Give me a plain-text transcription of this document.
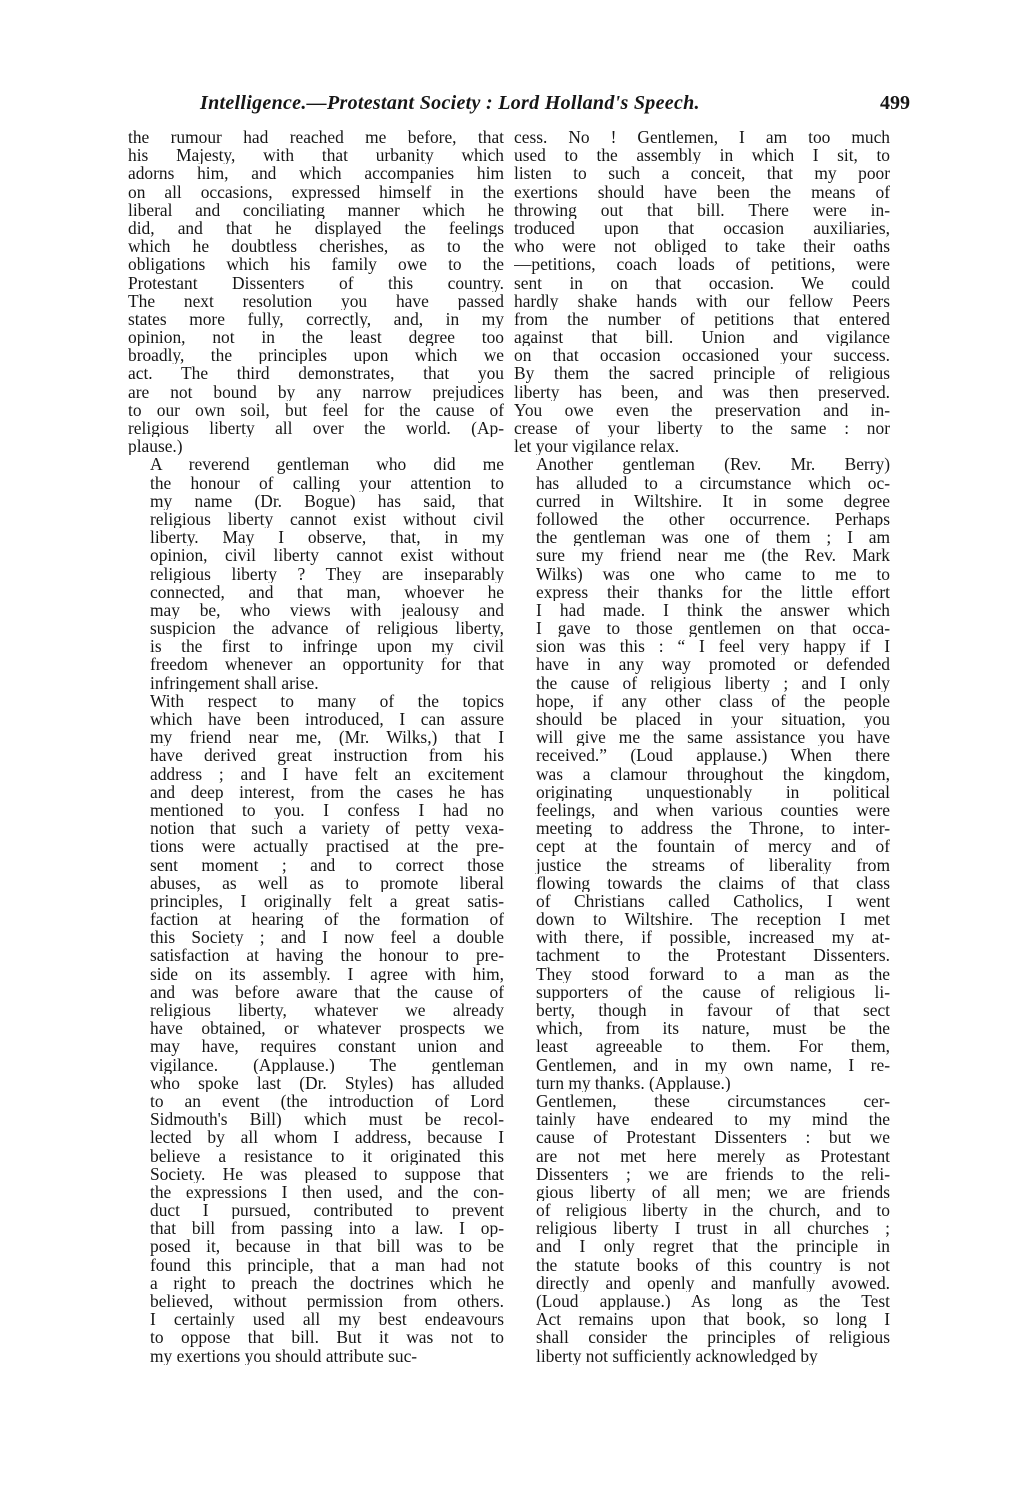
Intelligence.—Protestant Society : Lord Holland's Speech.	499
the rumour had reached me before, that
his Majesty, with that urbanity which
adorns him, and which accompanies him
on all occasions, expressed himself in the
liberal and conciliating manner which he
did, and that he displayed the feelings
which he doubtless cherishes, as to the
obligations which his family owe to the
Protestant Dissenters of this country.
The next resolution you have passed
states more fully, correctly, and, in my
opinion, not in the least degree too
broadly, the principles upon which we
act. The third demonstrates, that you
are not bound by any narrow prejudices
to our own soil, but feel for the cause of
religious liberty all over the world. (Ap-
plause.)
A reverend gentleman who did me
the honour of calling your attention to
my name (Dr. Bogue) has said, that
religious liberty cannot exist without civil
liberty. May I observe, that, in my
opinion, civil liberty cannot exist without
religious liberty ? They are inseparably
connected, and that man, whoever he
may be, who views with jealousy and
suspicion the advance of religious liberty,
is the first to infringe upon my civil
freedom whenever an opportunity for that
infringement shall arise.
With respect to many of the topics
which have been introduced, I can assure
my friend near me, (Mr. Wilks,) that I
have derived great instruction from his
address ; and I have felt an excitement
and deep interest, from the cases he has
mentioned to you. I confess I had no
notion that such a variety of petty vexa-
tions were actually practised at the pre-
sent moment ; and to correct those
abuses, as well as to promote liberal
principles, I originally felt a great satis-
faction at hearing of the formation of
this Society ; and I now feel a double
satisfaction at having the honour to pre-
side on its assembly. I agree with him,
and was before aware that the cause of
religious liberty, whatever we already
have obtained, or whatever prospects we
may have, requires constant union and
vigilance. (Applause.) The gentleman
who spoke last (Dr. Styles) has alluded
to an event (the introduction of Lord
Sidmouth's Bill) which must be recol-
lected by all whom I address, because I
believe a resistance to it originated this
Society. He was pleased to suppose that
the expressions I then used, and the con-
duct I pursued, contributed to prevent
that bill from passing into a law. I op-
posed it, because in that bill was to be
found this principle, that a man had not
a right to preach the doctrines which he
believed, without permission from others.
I certainly used all my best endeavours
to oppose that bill. But it was not to
my exertions you should attribute suc-
cess. No ! Gentlemen, I am too much
used to the assembly in which I sit, to
listen to such a conceit, that my poor
exertions should have been the means of
throwing out that bill. There were in-
troduced upon that occasion auxiliaries,
who were not obliged to take their oaths
—petitions, coach loads of petitions, were
sent in on that occasion. We could
hardly shake hands with our fellow Peers
from the number of petitions that entered
against that bill. Union and vigilance
on that occasion occasioned your success.
By them the sacred principle of religious
liberty has been, and was then preserved.
You owe even the preservation and in-
crease of your liberty to the same : nor
let your vigilance relax.
Another gentleman (Rev. Mr. Berry)
has alluded to a circumstance which oc-
curred in Wiltshire. It in some degree
followed the other occurrence. Perhaps
the gentleman was one of them ; I am
sure my friend near me (the Rev. Mark
Wilks) was one who came to me to
express their thanks for the little effort
I had made. I think the answer which
I gave to those gentlemen on that occa-
sion was this : “ I feel very happy if I
have in any way promoted or defended
the cause of religious liberty ; and I only
hope, if any other class of the people
should be placed in your situation, you
will give me the same assistance you have
received.” (Loud applause.) When there
was a clamour throughout the kingdom,
originating unquestionably in political
feelings, and when various counties were
meeting to address the Throne, to inter-
cept at the fountain of mercy and of
justice the streams of liberality from
flowing towards the claims of that class
of Christians called Catholics, I went
down to Wiltshire. The reception I met
with there, if possible, increased my at-
tachment to the Protestant Dissenters.
They stood forward to a man as the
supporters of the cause of religious li-
berty, though in favour of that sect
which, from its nature, must be the
least agreeable to them. For them,
Gentlemen, and in my own name, I re-
turn my thanks. (Applause.)
Gentlemen, these circumstances cer-
tainly have endeared to my mind the
cause of Protestant Dissenters : but we
are not met here merely as Protestant
Dissenters ; we are friends to the reli-
gious liberty of all men; we are friends
of religious liberty in the church, and to
religious liberty I trust in all churches ;
and I only regret that the principle in
the statute books of this country is not
directly and openly and manfully avowed.
(Loud applause.) As long as the Test
Act remains upon that book, so long I
shall consider the principles of religious
liberty not sufficiently acknowledged by
